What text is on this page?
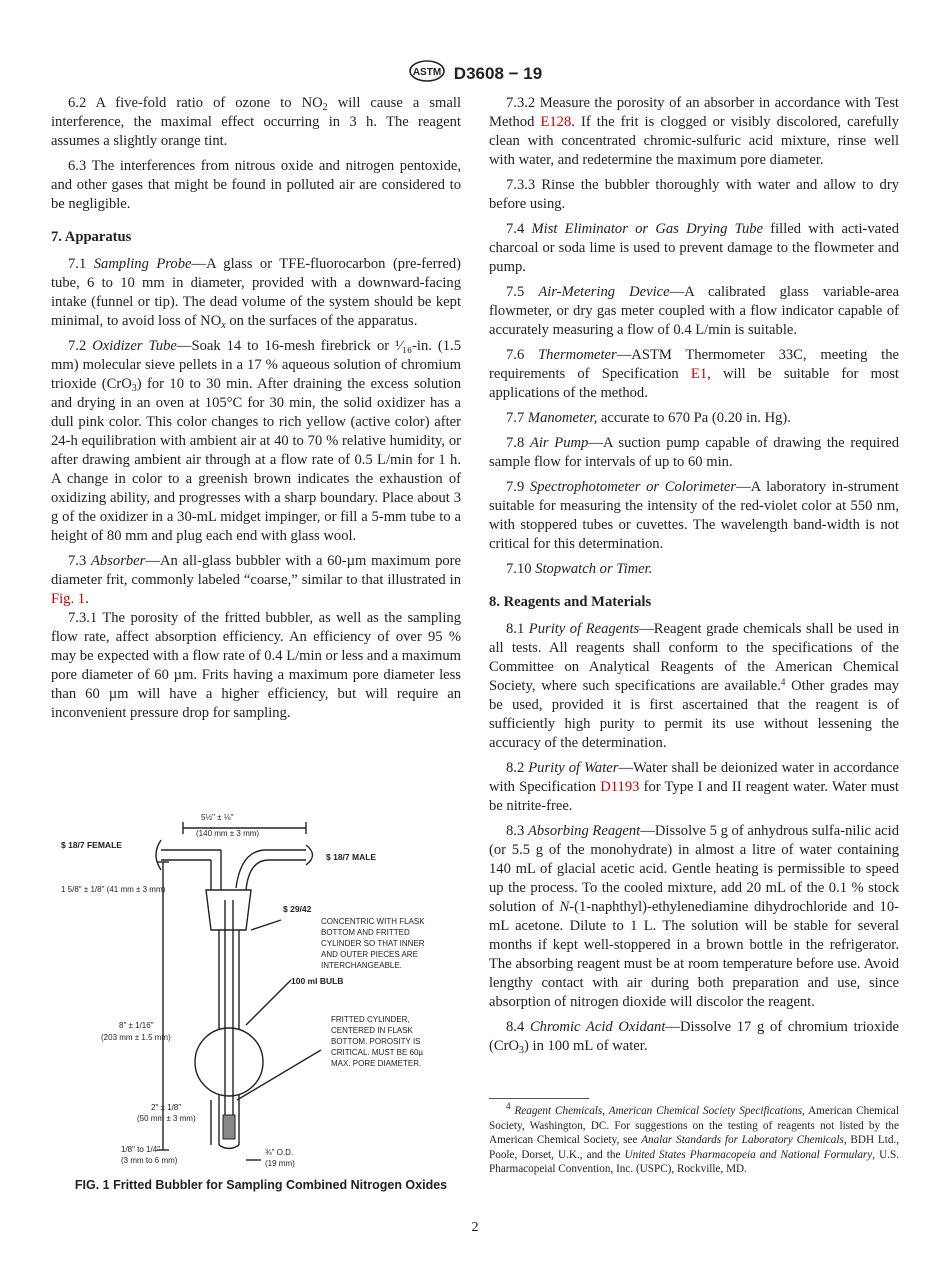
ASTM D3608 − 19

6.2 A five-fold ratio of ozone to $NO_2$ will cause a small interference, the maximal effect occurring in 3 h. The reagent assumes a slightly orange tint.

6.3 The interferences from nitrous oxide and nitrogen pentoxide, and other gases that might be found in polluted air are considered to be negligible.

7. Apparatus

7.1 Sampling Probe—A glass or TFE-fluorocarbon (pre-ferred) tube, 6 to 10 mm in diameter, provided with a downward-facing intake (funnel or tip). The dead volume of the system should be kept minimal, to avoid loss of $NO_x$ on the surfaces of the apparatus.

7.2 Oxidizer Tube—Soak 14 to 16-mesh firebrick or ¹⁄₁₆-in. (1.5 mm) molecular sieve pellets in a 17 % aqueous solution of chromium trioxide (CrO$_3$) for 10 to 30 min. After draining the excess solution and drying in an oven at 105°C for 30 min, the solid oxidizer has a dull pink color. This color changes to rich yellow (active color) after 24-h equilibration with ambient air at 40 to 70 % relative humidity, or after drawing ambient air through at a flow rate of 0.5 L/min for 1 h. A change in color to a greenish brown indicates the exhaustion of oxidizing ability, and progresses with a sharp boundary. Place about 3 g of the oxidizer in a 30-mL midget impinger, or fill a 5-mm tube to a height of 80 mm and plug each end with glass wool.

7.3 Absorber—An all-glass bubbler with a 60-µm maximum pore diameter frit, commonly labeled “coarse,” similar to that illustrated in Fig. 1.

7.3.1 The porosity of the fritted bubbler, as well as the sampling flow rate, affect absorption efficiency. An efficiency of over 95 % may be expected with a flow rate of 0.4 L/min or less and a maximum pore diameter of 60 µm. Frits having a maximum pore diameter less than 60 µm will have a higher efficiency, but will require an inconvenient pressure drop for sampling.

7.3.2 Measure the porosity of an absorber in accordance with Test Method E128. If the frit is clogged or visibly discolored, carefully clean with concentrated chromic-sulfuric acid mixture, rinse well with water, and redetermine the maximum pore diameter.

7.3.3 Rinse the bubbler thoroughly with water and allow to dry before using.

7.4 Mist Eliminator or Gas Drying Tube filled with acti-vated charcoal or soda lime is used to prevent damage to the flowmeter and pump.

7.5 Air-Metering Device—A calibrated glass variable-area flowmeter, or dry gas meter coupled with a flow indicator capable of accurately measuring a flow of 0.4 L/min is suitable.

7.6 Thermometer—ASTM Thermometer 33C, meeting the requirements of Specification E1, will be suitable for most applications of the method.

7.7 Manometer, accurate to 670 Pa (0.20 in. Hg).

7.8 Air Pump—A suction pump capable of drawing the required sample flow for intervals of up to 60 min.

7.9 Spectrophotometer or Colorimeter—A laboratory in-strument suitable for measuring the intensity of the red-violet color at 550 nm, with stoppered tubes or cuvettes. The wavelength band-width is not critical for this determination.

7.10 Stopwatch or Timer.

8. Reagents and Materials

8.1 Purity of Reagents—Reagent grade chemicals shall be used in all tests. All reagents shall conform to the specifications of the Committee on Analytical Reagents of the American Chemical Society, where such specifications are available.$^4$ Other grades may be used, provided it is first ascertained that the reagent is of sufficiently high purity to permit its use without lessening the accuracy of the determination.

8.2 Purity of Water—Water shall be deionized water in accordance with Specification D1193 for Type I and II reagent water. Water must be nitrite-free.

8.3 Absorbing Reagent—Dissolve 5 g of anhydrous sulfa-nilic acid (or 5.5 g of the monohydrate) in almost a litre of water containing 140 mL of glacial acetic acid. Gentle heating is permissible to speed up the process. To the cooled mixture, add 20 mL of the 0.1 % stock solution of N-(1-naphthyl)-ethylenediamine dihydrochloride and 10-mL acetone. Dilute to 1 L. The solution will be stable for several months if kept well-stoppered in a brown bottle in the refrigerator. The absorbing reagent must be at room temperature before use. Avoid lengthy contact with air during both preparation and use, since absorption of nitrogen dioxide will discolor the reagent.

8.4 Chromic Acid Oxidant—Dissolve 17 g of chromium trioxide (CrO$_3$) in 100 mL of water.

5½" ± ⅛"
(140 mm ± 3 mm)
$ 18/7 FEMALE
$ 18/7 MALE
1 5/8" ± 1/8" (41 mm ± 3 mm)
$ 29/42
CONCENTRIC WITH FLASK
BOTTOM AND FRITTED
CYLINDER SO THAT INNER
AND OUTER PIECES ARE
INTERCHANGEABLE.
100 ml BULB
8" ± 1/16"
(203 mm ± 1.5 mm)
FRITTED CYLINDER,
CENTERED IN FLASK
BOTTOM. POROSITY IS
CRITICAL. MUST BE 60µ
MAX. PORE DIAMETER.
2" ± 1/8"
(50 mm ± 3 mm)
1/8" to 1/4"
(3 mm to 6 mm)
¾" O.D.
(19 mm)
FIG. 1 Fritted Bubbler for Sampling Combined Nitrogen Oxides

$^4$ Reagent Chemicals, American Chemical Society Specifications, American Chemical Society, Washington, DC. For suggestions on the testing of reagents not listed by the American Chemical Society, see Analar Standards for Laboratory Chemicals, BDH Ltd., Poole, Dorset, U.K., and the United States Pharmacopeia and National Formulary, U.S. Pharmacopeial Convention, Inc. (USPC), Rockville, MD.

2
